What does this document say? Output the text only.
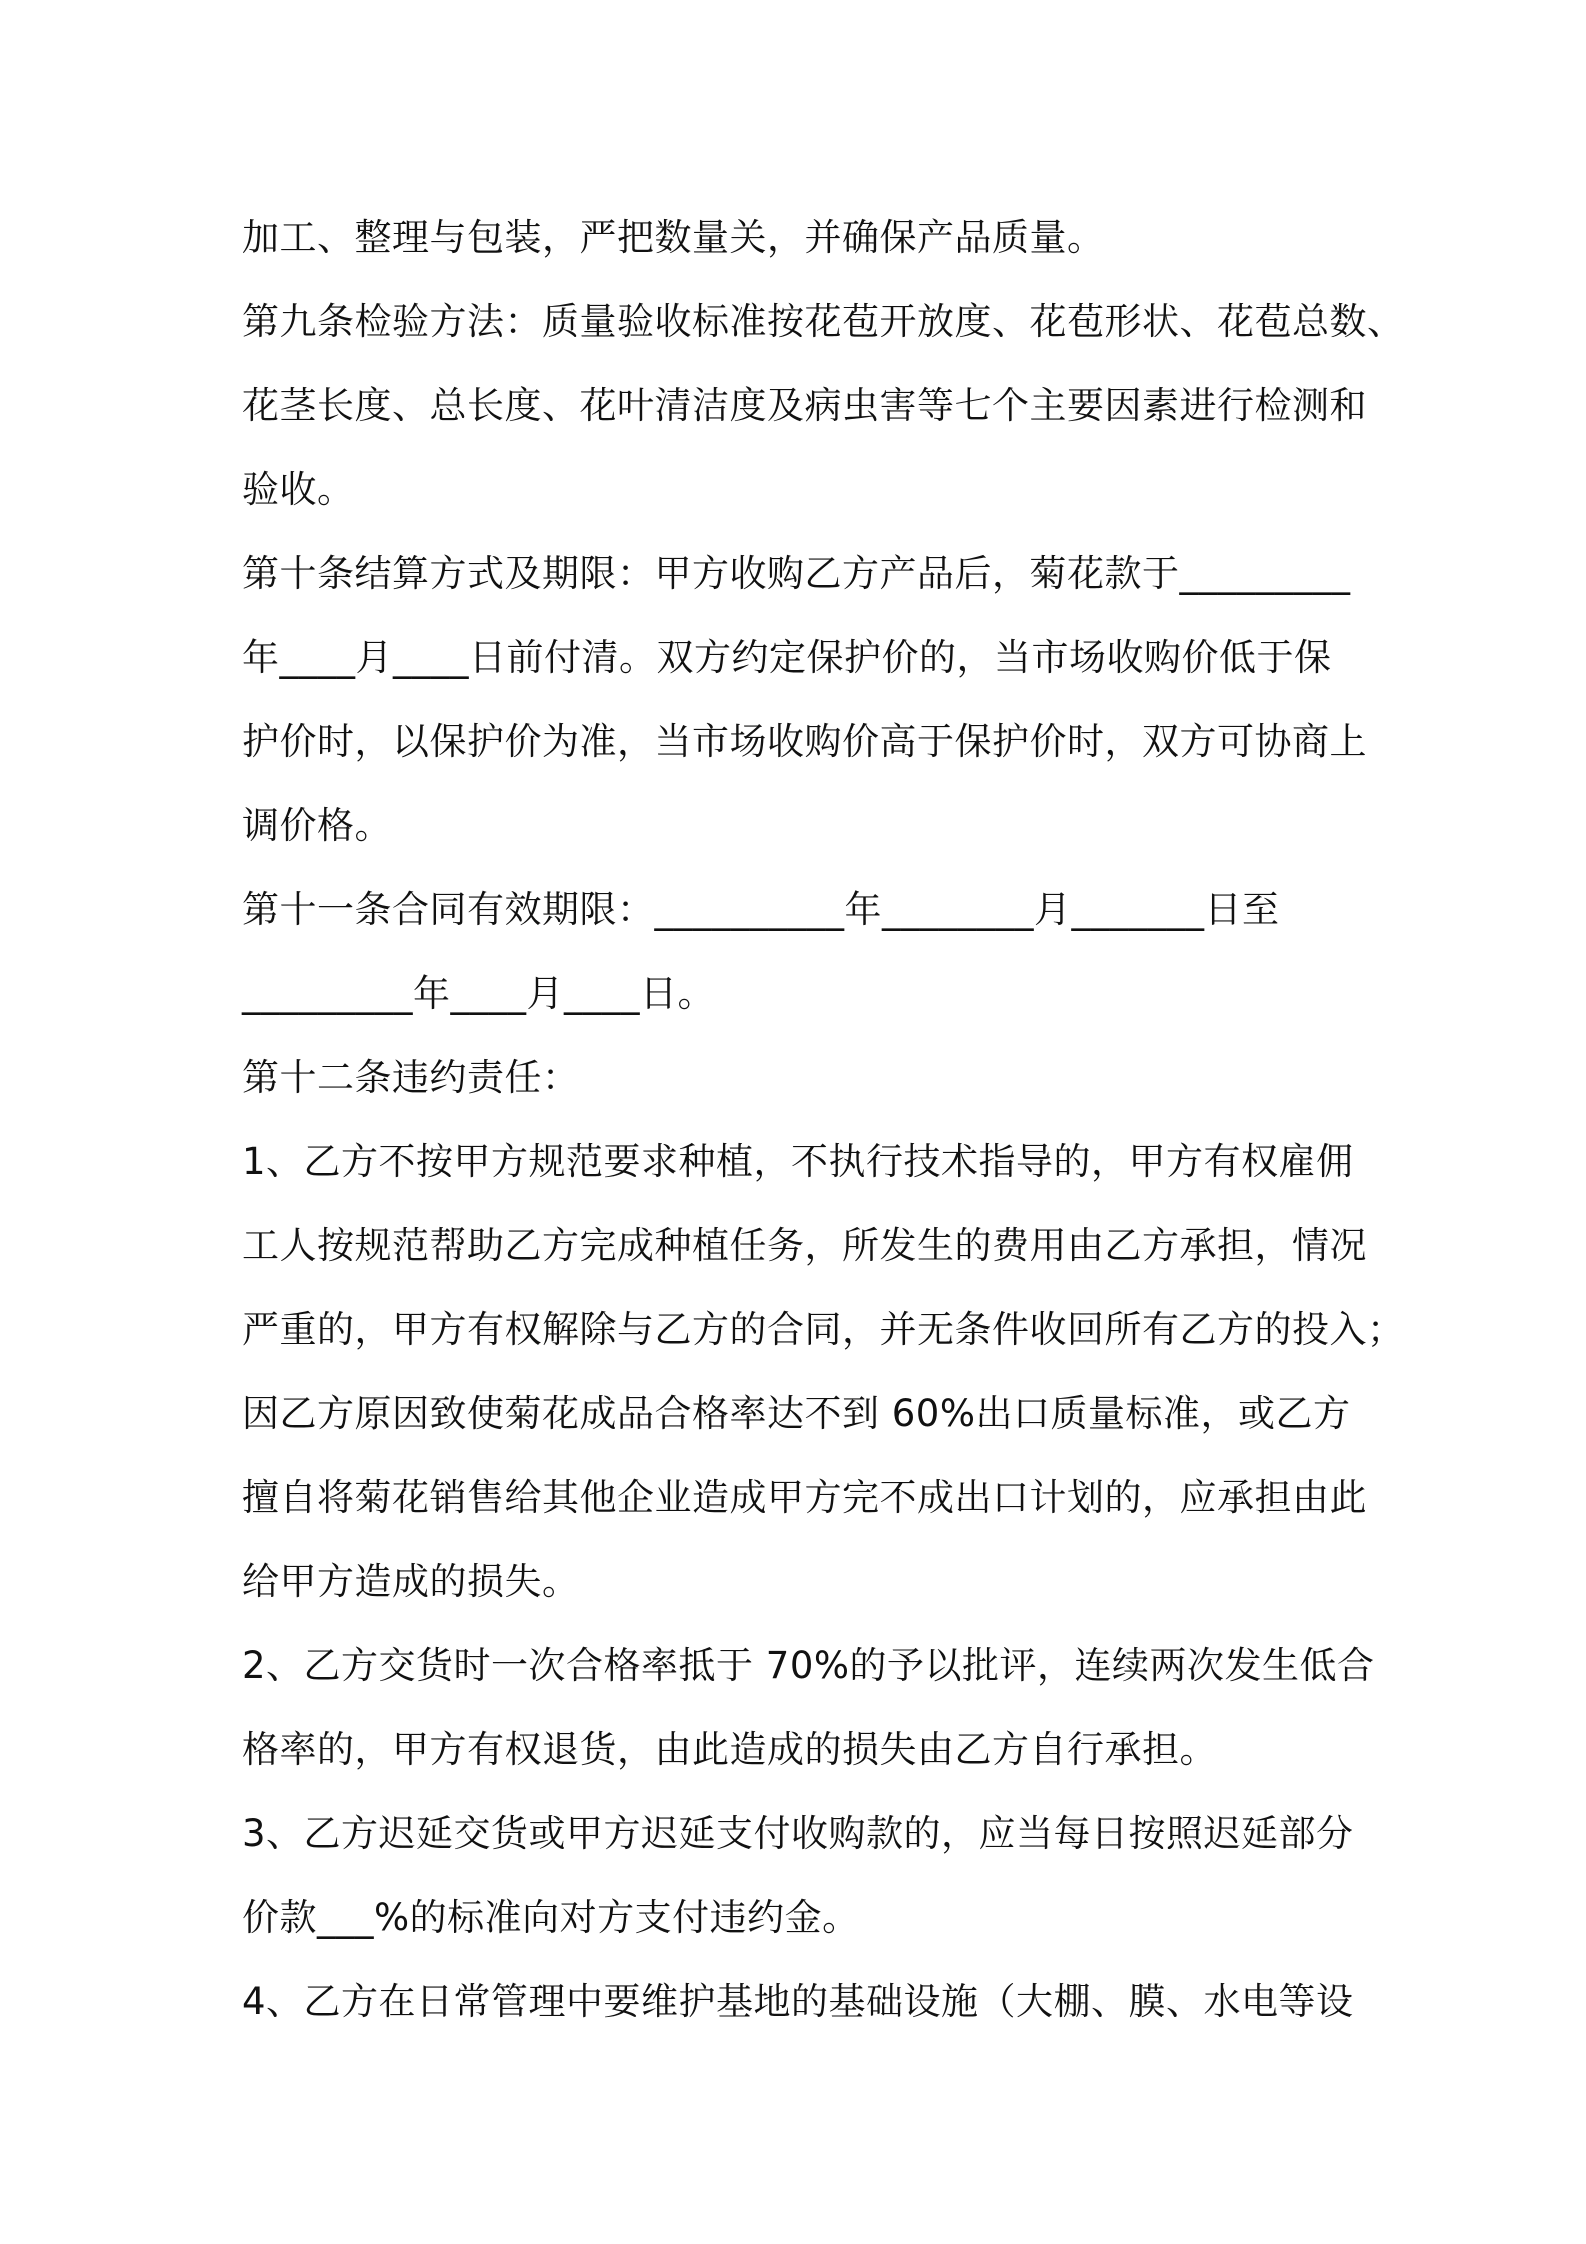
加工、整理与包装，严把数量关，并确保产品质量。
第九条检验方法：质量验收标准按花苞开放度、花苞形状、花苞总数、
花茎长度、总长度、花叶清洁度及病虫害等七个主要因素进行检测和
验收。
第十条结算方式及期限：甲方收购乙方产品后，菊花款于_________
年____月____日前付清。双方约定保护价的，当市场收购价低于保
护价时，以保护价为准，当市场收购价高于保护价时，双方可协商上
调价格。
第十一条合同有效期限：__________年________月_______日至
_________年____月____日。
第十二条违约责任：
1、乙方不按甲方规范要求种植，不执行技术指导的，甲方有权雇佣
工人按规范帮助乙方完成种植任务，所发生的费用由乙方承担，情况
严重的，甲方有权解除与乙方的合同，并无条件收回所有乙方的投入；
因乙方原因致使菊花成品合格率达不到 60%出口质量标准，或乙方
擅自将菊花销售给其他企业造成甲方完不成出口计划的，应承担由此
给甲方造成的损失。
2、乙方交货时一次合格率抵于 70%的予以批评，连续两次发生低合
格率的，甲方有权退货，由此造成的损失由乙方自行承担。
3、乙方迟延交货或甲方迟延支付收购款的，应当每日按照迟延部分
价款___%的标准向对方支付违约金。
4、乙方在日常管理中要维护基地的基础设施（大棚、膜、水电等设
